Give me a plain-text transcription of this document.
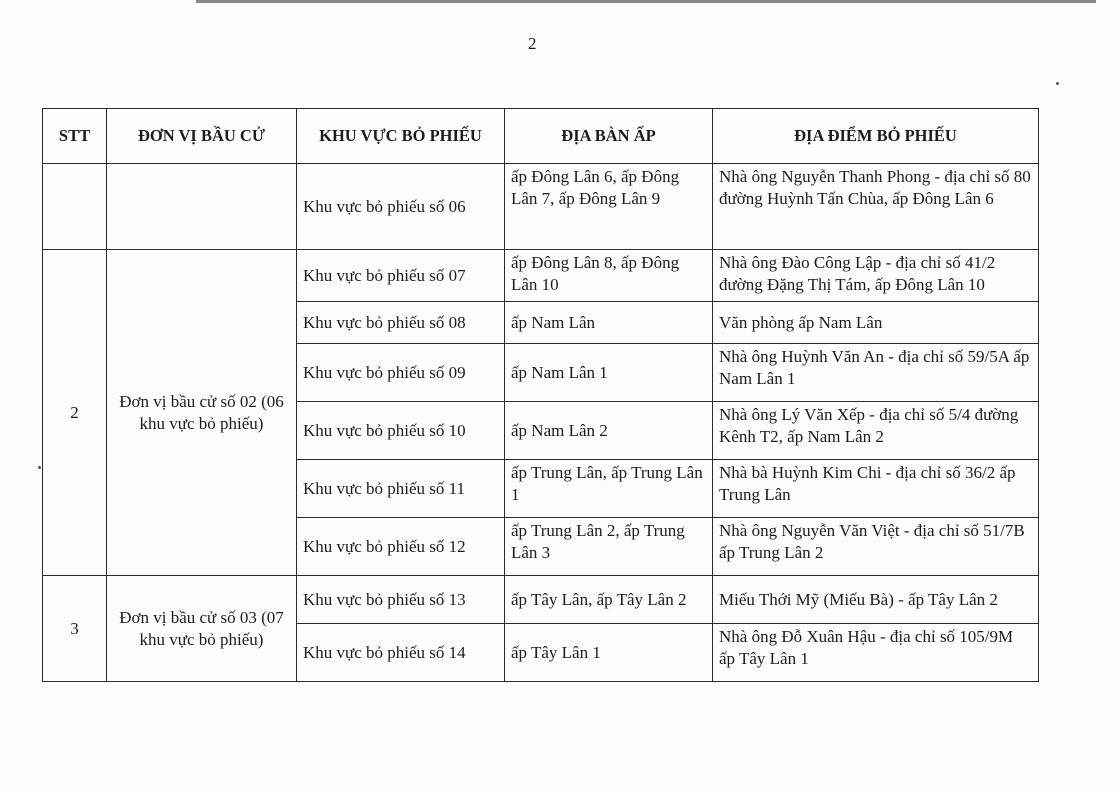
2
STT	ĐƠN VỊ BẦU CỬ	KHU VỰC BỎ PHIẾU	ĐỊA BÀN ẤP	ĐỊA ĐIỂM BỎ PHIẾU
		Khu vực bỏ phiếu số 06	ấp Đông Lân 6, ấp Đông Lân 7, ấp Đông Lân 9	Nhà ông Nguyễn Thanh Phong - địa chỉ số 80 đường Huỳnh Tấn Chùa, ấp Đông Lân 6
2	Đơn vị bầu cử số 02 (06 khu vực bỏ phiếu)	Khu vực bỏ phiếu số 07	ấp Đông Lân 8, ấp Đông Lân 10	Nhà ông Đào Công Lập - địa chỉ số 41/2 đường Đặng Thị Tám, ấp Đông Lân 10
		Khu vực bỏ phiếu số 08	ấp Nam Lân	Văn phòng ấp Nam Lân
		Khu vực bỏ phiếu số 09	ấp Nam Lân 1	Nhà ông Huỳnh Văn An - địa chỉ số 59/5A ấp Nam Lân 1
		Khu vực bỏ phiếu số 10	ấp Nam Lân 2	Nhà ông Lý Văn Xếp - địa chỉ số 5/4 đường Kênh T2, ấp Nam Lân 2
		Khu vực bỏ phiếu số 11	ấp Trung Lân, ấp Trung Lân 1	Nhà bà Huỳnh Kim Chi - địa chỉ số 36/2 ấp Trung Lân
		Khu vực bỏ phiếu số 12	ấp Trung Lân 2, ấp Trung Lân 3	Nhà ông Nguyễn Văn Việt - địa chỉ số 51/7B ấp Trung Lân 2
3	Đơn vị bầu cử số 03 (07 khu vực bỏ phiếu)	Khu vực bỏ phiếu số 13	ấp Tây Lân, ấp Tây Lân 2	Miếu Thới Mỹ (Miếu Bà) - ấp Tây Lân 2
		Khu vực bỏ phiếu số 14	ấp Tây Lân 1	Nhà ông Đỗ Xuân Hậu - địa chỉ số 105/9M ấp Tây Lân 1
